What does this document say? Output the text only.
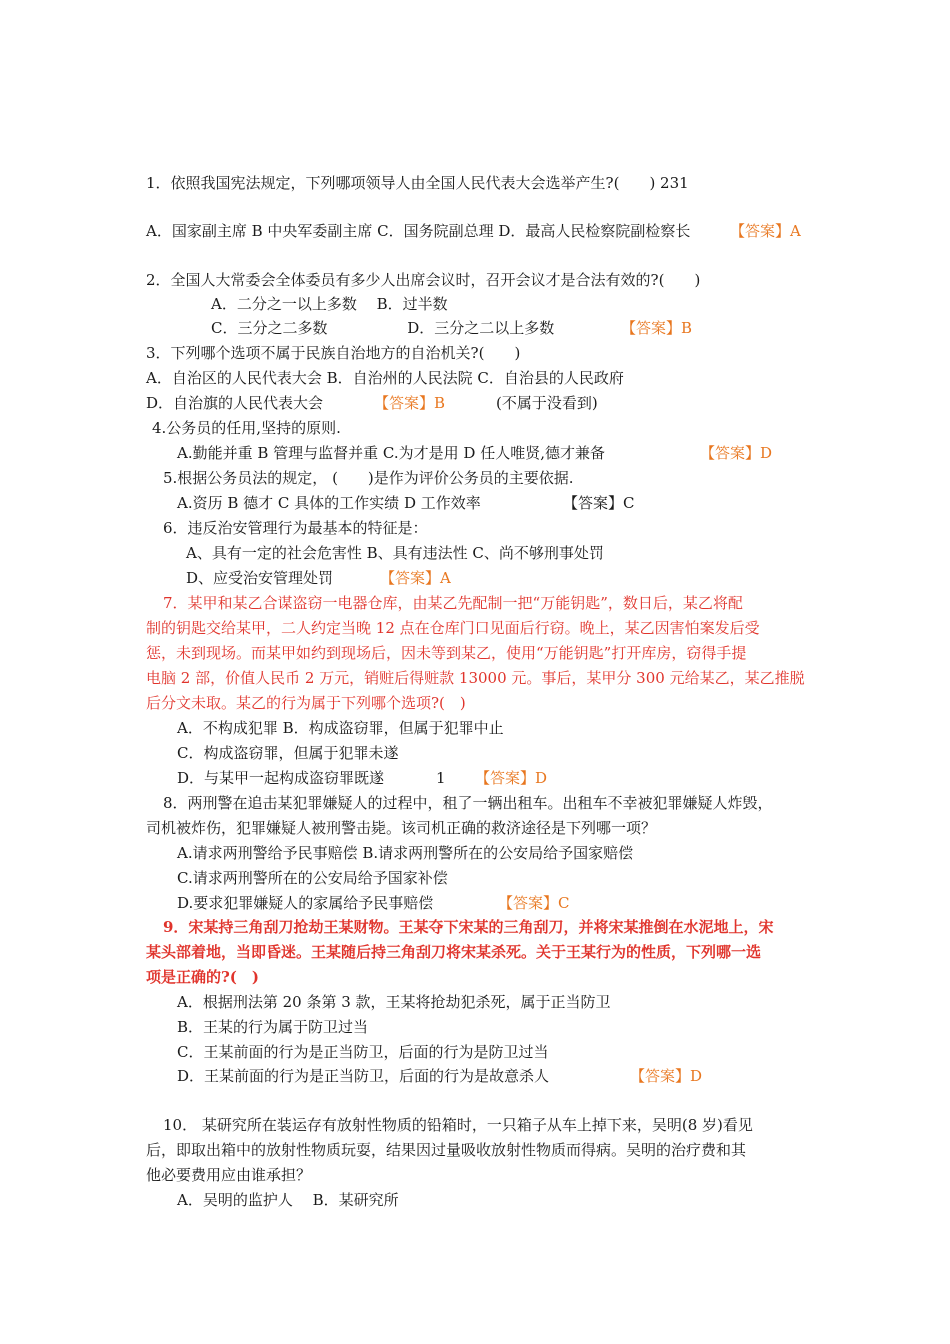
1．依照我国宪法规定，下列哪项领导人由全国人民代表大会选举产生?(　　) 231
A．国家副主席 B 中央军委副主席 C．国务院副总理 D．最高人民检察院副检察长	【答案】A
2．全国人大常委会全体委员有多少人出席会议时，召开会议才是合法有效的?(　　)
A．二分之一以上多数　 B．过半数
C．三分之二多数　　　　　 D．三分之二以上多数	【答案】B
3．下列哪个选项不属于民族自治地方的自治机关?(　　)
A．自治区的人民代表大会 B．自治州的人民法院 C．自治县的人民政府
D．自治旗的人民代表大会	【答案】B	(不属于没看到)
4.公务员的任用,坚持的原则.
A.勤能并重 B 管理与监督并重 C.为才是用 D 任人唯贤,德才兼备	【答案】D
5.根据公务员法的规定， (　　)是作为评价公务员的主要依据.
A.资历 B 德才 C 具体的工作实绩 D 工作效率	【答案】C
6．违反治安管理行为最基本的特征是：
A、具有一定的社会危害性 B、具有违法性 C、尚不够刑事处罚
D、应受治安管理处罚	【答案】A
7．某甲和某乙合谋盗窃一电器仓库，由某乙先配制一把“万能钥匙”，数日后，某乙将配
制的钥匙交给某甲，二人约定当晚 12 点在仓库门口见面后行窃。晚上，某乙因害怕案发后受
惩，未到现场。而某甲如约到现场后，因未等到某乙，使用“万能钥匙”打开库房，窃得手提
电脑 2 部，价值人民币 2 万元，销赃后得赃款 13000 元。事后，某甲分 300 元给某乙，某乙推脱
后分文未取。某乙的行为属于下列哪个选项?(　)
A．不构成犯罪 B．构成盗窃罪，但属于犯罪中止
C．构成盗窃罪，但属于犯罪未遂
D．与某甲一起构成盗窃罪既遂	1 【答案】D
8．两刑警在追击某犯罪嫌疑人的过程中，租了一辆出租车。出租车不幸被犯罪嫌疑人炸毁，
司机被炸伤，犯罪嫌疑人被刑警击毙。该司机正确的救济途径是下列哪一项？
A.请求两刑警给予民事赔偿 B.请求两刑警所在的公安局给予国家赔偿
C.请求两刑警所在的公安局给予国家补偿
D.要求犯罪嫌疑人的家属给予民事赔偿	【答案】C
9．宋某持三角刮刀抢劫王某财物。王某夺下宋某的三角刮刀，并将宋某推倒在水泥地上，宋
某头部着地，当即昏迷。王某随后持三角刮刀将宋某杀死。关于王某行为的性质，下列哪一选
项是正确的?(　)
A．根据刑法第 20 条第 3 款，王某将抢劫犯杀死，属于正当防卫
B．王某的行为属于防卫过当
C．王某前面的行为是正当防卫，后面的行为是防卫过当
D．王某前面的行为是正当防卫，后面的行为是故意杀人	【答案】D
10． 某研究所在装运存有放射性物质的铅箱时，一只箱子从车上掉下来，吴明(8 岁)看见
后，即取出箱中的放射性物质玩耍，结果因过量吸收放射性物质而得病。吴明的治疗费和其
他必要费用应由谁承担？
A．吴明的监护人　 B．某研究所
